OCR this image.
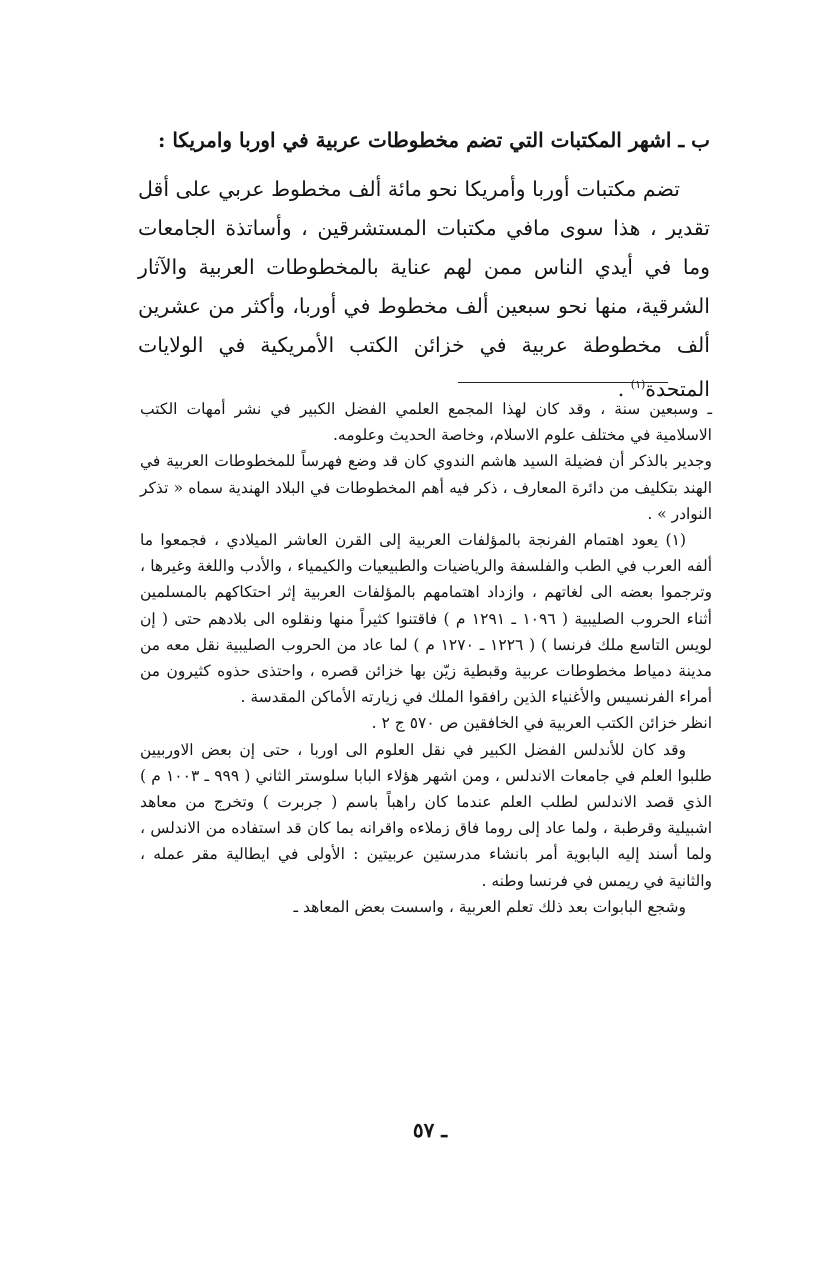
ب ـ اشهر المكتبات التي تضم مخطوطات عربية في اوربا وامريكا :

تضم مكتبات أوربا وأمريكا نحو مائة ألف مخطوط عربي على أقل تقدير ، هذا سوى مافي مكتبات المستشرقين ، وأساتذة الجامعات وما في أيدي الناس ممن لهم عناية بالمخطوطات العربية والآثار الشرقية، منها نحو سبعين ألف مخطوط في أوربا، وأكثر من عشرين ألف مخطوطة عربية في خزائن الكتب الأمريكية في الولايات المتحدة$^{(١)}$ .

ـ وسبعين سنة ، وقد كان لهذا المجمع العلمي الفضل الكبير في نشر أمهات الكتب الاسلامية في مختلف علوم الاسلام، وخاصة الحديث وعلومه.

وجدير بالذكر أن فضيلة السيد هاشم الندوي كان قد وضع فهرساً للمخطوطات العربية في الهند بتكليف من دائرة المعارف ، ذكر فيه أهم المخطوطات في البلاد الهندية سماه « تذكر النوادر » .

(١) يعود اهتمام الفرنجة بالمؤلفات العربية إلى القرن العاشر الميلادي ، فجمعوا ما ألفه العرب في الطب والفلسفة والرياضيات والطبيعيات والكيمياء ، والأدب واللغة وغيرها ، وترجموا بعضه الى لغاتهم ، وازداد اهتمامهم بالمؤلفات العربية إثر احتكاكهم بالمسلمين أثناء الحروب الصليبية ( ١٠٩٦ ـ ١٢٩١ م ) فاقتنوا كثيراً منها ونقلوه الى بلادهم حتى ( إن لويس التاسع ملك فرنسا ) ( ١٢٢٦ ـ ١٢٧٠ م ) لما عاد من الحروب الصليبية نقل معه من مدينة دمياط مخطوطات عربية وقبطية زيّن بها خزائن قصره ، واحتذى حذوه كثيرون من أمراء الفرنسيس والأغنياء الذين رافقوا الملك في زيارته الأماكن المقدسة .

انظر خزائن الكتب العربية في الخافقين ص ٥٧٠ ج ٢ .

وقد كان للأندلس الفضل الكبير في نقل العلوم الى اوربا ، حتى إن بعض الاوربيين طلبوا العلم في جامعات الاندلس ، ومن اشهر هؤلاء البابا سلوستر الثاني ( ٩٩٩ ـ ١٠٠٣ م ) الذي قصد الاندلس لطلب العلم عندما كان راهباً باسم ( جربرت ) وتخرج من معاهد اشبيلية وقرطبة ، ولما عاد إلى روما فاق زملاءه واقرانه بما كان قد استفاده من الاندلس ، ولما أسند إليه البابوية أمر بانشاء مدرستين عربيتين : الأولى في ايطالية مقر عمله ، والثانية في ريمس في فرنسا وطنه .

وشجع البابوات بعد ذلك تعلم العربية ، واسست بعض المعاهد ـ

ـ ٥٧
